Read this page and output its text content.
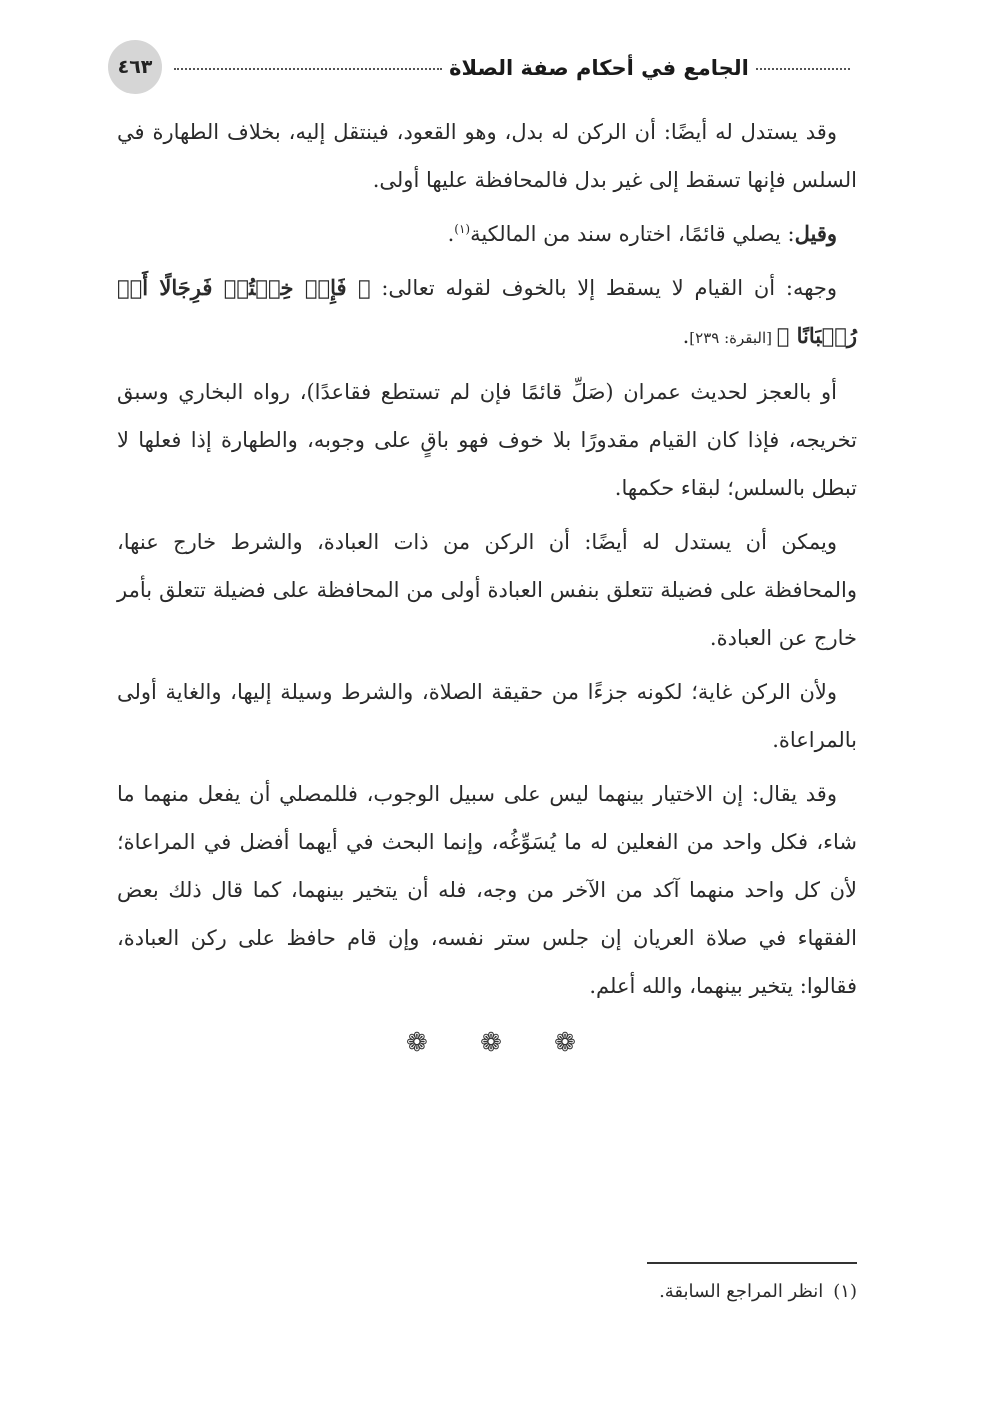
٤٦٣	الجامع في أحكام صفة الصلاة

وقد يستدل له أيضًا: أن الركن له بدل، وهو القعود، فينتقل إليه، بخلاف الطهارة في السلس فإنها تسقط إلى غير بدل فالمحافظة عليها أولى.

وقيل: يصلي قائمًا، اختاره سند من المالكية$^{(١)}$.

وجهه: أن القيام لا يسقط إلا بالخوف لقوله تعالى: ﴿ فَإِنۡ خِفۡتُمۡ فَرِجَالًا أَوۡ رُكۡبَانًا ﴾ [البقرة: ٢٣٩].

أو بالعجز لحديث عمران (صَلِّ قائمًا فإن لم تستطع فقاعدًا)، رواه البخاري وسبق تخريجه، فإذا كان القيام مقدورًا بلا خوف فهو باقٍ على وجوبه، والطهارة إذا فعلها لا تبطل بالسلس؛ لبقاء حكمها.

ويمكن أن يستدل له أيضًا: أن الركن من ذات العبادة، والشرط خارج عنها، والمحافظة على فضيلة تتعلق بنفس العبادة أولى من المحافظة على فضيلة تتعلق بأمر خارج عن العبادة.

ولأن الركن غاية؛ لكونه جزءًا من حقيقة الصلاة، والشرط وسيلة إليها، والغاية أولى بالمراعاة.

وقد يقال: إن الاختيار بينهما ليس على سبيل الوجوب، فللمصلي أن يفعل منهما ما شاء، فكل واحد من الفعلين له ما يُسَوِّغُه، وإنما البحث في أيهما أفضل في المراعاة؛ لأن كل واحد منهما آكد من الآخر من وجه، فله أن يتخير بينهما، كما قال ذلك بعض الفقهاء في صلاة العريان إن جلس ستر نفسه، وإن قام حافظ على ركن العبادة، فقالوا: يتخير بينهما، والله أعلم.

❁ ❁ ❁
(١)انظر المراجع السابقة.
